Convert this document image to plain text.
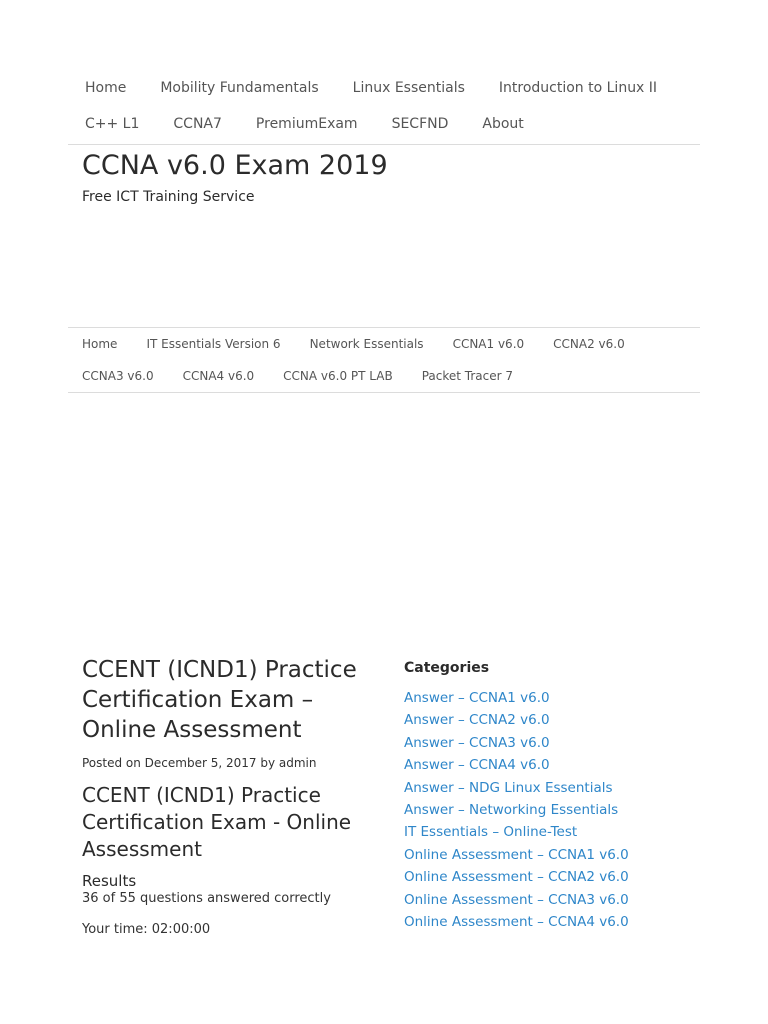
Home Mobility Fundamentals Linux Essentials Introduction to Linux II
C++ L1 CCNA7 PremiumExam SECFND About
CCNA v6.0 Exam 2019

Free ICT Training Service

Home IT Essentials Version 6 Network Essentials CCNA1 v6.0 CCNA2 v6.0
CCNA3 v6.0 CCNA4 v6.0 CCNA v6.0 PT LAB Packet Tracer 7
CCENT (ICND1) Practice Certification Exam – Online Assessment
Posted on December 5, 2017 by admin
CCENT (ICND1) Practice Certification Exam - Online Assessment
Results

36 of 55 questions answered correctly

Your time: 02:00:00

Categories
Answer – CCNA1 v6.0
Answer – CCNA2 v6.0
Answer – CCNA3 v6.0
Answer – CCNA4 v6.0
Answer – NDG Linux Essentials
Answer – Networking Essentials
IT Essentials – Online-Test
Online Assessment – CCNA1 v6.0
Online Assessment – CCNA2 v6.0
Online Assessment – CCNA3 v6.0
Online Assessment – CCNA4 v6.0
